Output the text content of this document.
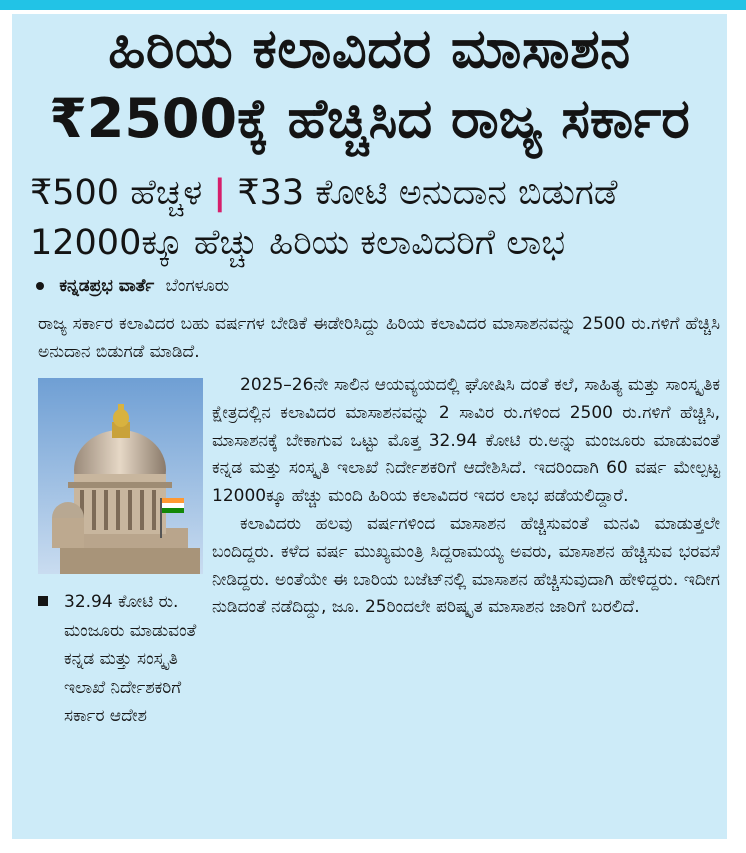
ಹಿರಿಯ ಕಲಾವಿದರ ಮಾಸಾಶನ
₹2500ಕ್ಕೆ ಹೆಚ್ಚಿಸಿದ ರಾಜ್ಯ ಸರ್ಕಾರ
₹500 ಹೆಚ್ಚಳ | ₹33 ಕೋಟಿ ಅನುದಾನ ಬಿಡುಗಡೆ
12000ಕ್ಕೂ ಹೆಚ್ಚು ಹಿರಿಯ ಕಲಾವಿದರಿಗೆ ಲಾಭ
ಕನ್ನಡಪ್ರಭ ವಾರ್ತೆ ಬೆಂಗಳೂರು

ರಾಜ್ಯ ಸರ್ಕಾರ ಕಲಾವಿದರ ಬಹು ವರ್ಷಗಳ ಬೇಡಿಕೆ ಈಡೇರಿಸಿದ್ದು ಹಿರಿಯ ಕಲಾವಿದರ ಮಾಸಾಶನವನ್ನು 2500 ರು.ಗಳಿಗೆ ಹೆಚ್ಚಿಸಿ ಅನುದಾನ ಬಿಡುಗಡೆ ಮಾಡಿದೆ.

32.94 ಕೋಟಿ ರು. ಮಂಜೂರು ಮಾಡುವಂತೆ ಕನ್ನಡ ಮತ್ತು ಸಂಸ್ಕೃತಿ ಇಲಾಖೆ ನಿರ್ದೇಶಕರಿಗೆ ಸರ್ಕಾರ ಆದೇಶ

2025–26ನೇ ಸಾಲಿನ ಆಯವ್ಯಯದಲ್ಲಿ ಘೋಷಿಸಿ ದಂತೆ ಕಲೆ, ಸಾಹಿತ್ಯ ಮತ್ತು ಸಾಂಸ್ಕೃತಿಕ ಕ್ಷೇತ್ರದಲ್ಲಿನ ಕಲಾವಿದರ ಮಾಸಾಶನವನ್ನು 2 ಸಾವಿರ ರು.ಗಳಿಂದ 2500 ರು.ಗಳಿಗೆ ಹೆಚ್ಚಿಸಿ, ಮಾಸಾಶನಕ್ಕೆ ಬೇಕಾಗುವ ಒಟ್ಟು ಮೊತ್ತ 32.94 ಕೋಟಿ ರು.ಅನ್ನು ಮಂಜೂರು ಮಾಡುವಂತೆ ಕನ್ನಡ ಮತ್ತು ಸಂಸ್ಕೃತಿ ಇಲಾಖೆ ನಿರ್ದೇಶಕರಿಗೆ ಆದೇಶಿಸಿದೆ. ಇದರಿಂದಾಗಿ 60 ವರ್ಷ ಮೇಲ್ಪಟ್ಟ 12000ಕ್ಕೂ ಹೆಚ್ಚು ಮಂದಿ ಹಿರಿಯ ಕಲಾವಿದರ ಇದರ ಲಾಭ ಪಡೆಯಲಿದ್ದಾರೆ.

ಕಲಾವಿದರು ಹಲವು ವರ್ಷಗಳಿಂದ ಮಾಸಾಶನ ಹೆಚ್ಚಿಸುವಂತೆ ಮನವಿ ಮಾಡುತ್ತಲೇ ಬಂದಿದ್ದರು. ಕಳೆದ ವರ್ಷ ಮುಖ್ಯಮಂತ್ರಿ ಸಿದ್ದರಾಮಯ್ಯ ಅವರು, ಮಾಸಾಶನ ಹೆಚ್ಚಿಸುವ ಭರವಸೆ ನೀಡಿದ್ದರು. ಅಂತೆಯೇ ಈ ಬಾರಿಯ ಬಜೆಟ್‌ನಲ್ಲಿ ಮಾಸಾಶನ ಹೆಚ್ಚಿಸುವುದಾಗಿ ಹೇಳಿದ್ದರು. ಇದೀಗ ನುಡಿದಂತೆ ನಡೆದಿದ್ದು, ಜೂ. 25ರಿಂದಲೇ ಪರಿಷ್ಕೃತ ಮಾಸಾಶನ ಜಾರಿಗೆ ಬರಲಿದೆ.
